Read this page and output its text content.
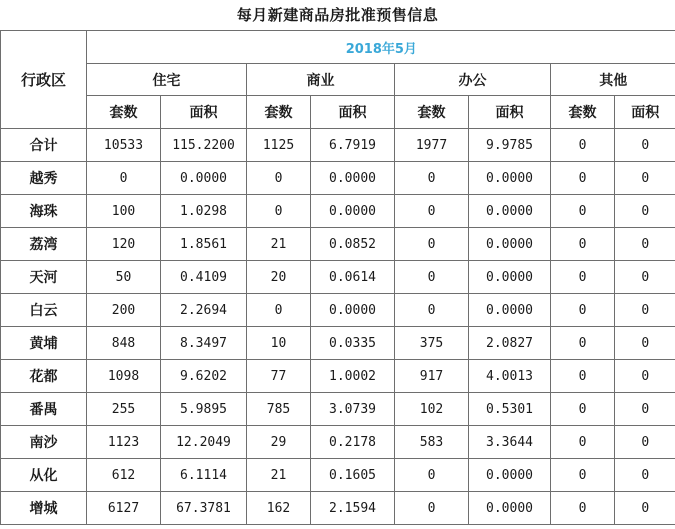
每月新建商品房批准预售信息
行政区	2018年5月							
	住宅		商业		办公		其他	
	套数	面积	套数	面积	套数	面积	套数	面积
合计	10533	115.2200	1125	6.7919	1977	9.9785	0	0
越秀	0	0.0000	0	0.0000	0	0.0000	0	0
海珠	100	1.0298	0	0.0000	0	0.0000	0	0
荔湾	120	1.8561	21	0.0852	0	0.0000	0	0
天河	50	0.4109	20	0.0614	0	0.0000	0	0
白云	200	2.2694	0	0.0000	0	0.0000	0	0
黄埔	848	8.3497	10	0.0335	375	2.0827	0	0
花都	1098	9.6202	77	1.0002	917	4.0013	0	0
番禺	255	5.9895	785	3.0739	102	0.5301	0	0
南沙	1123	12.2049	29	0.2178	583	3.3644	0	0
从化	612	6.1114	21	0.1605	0	0.0000	0	0
增城	6127	67.3781	162	2.1594	0	0.0000	0	0
